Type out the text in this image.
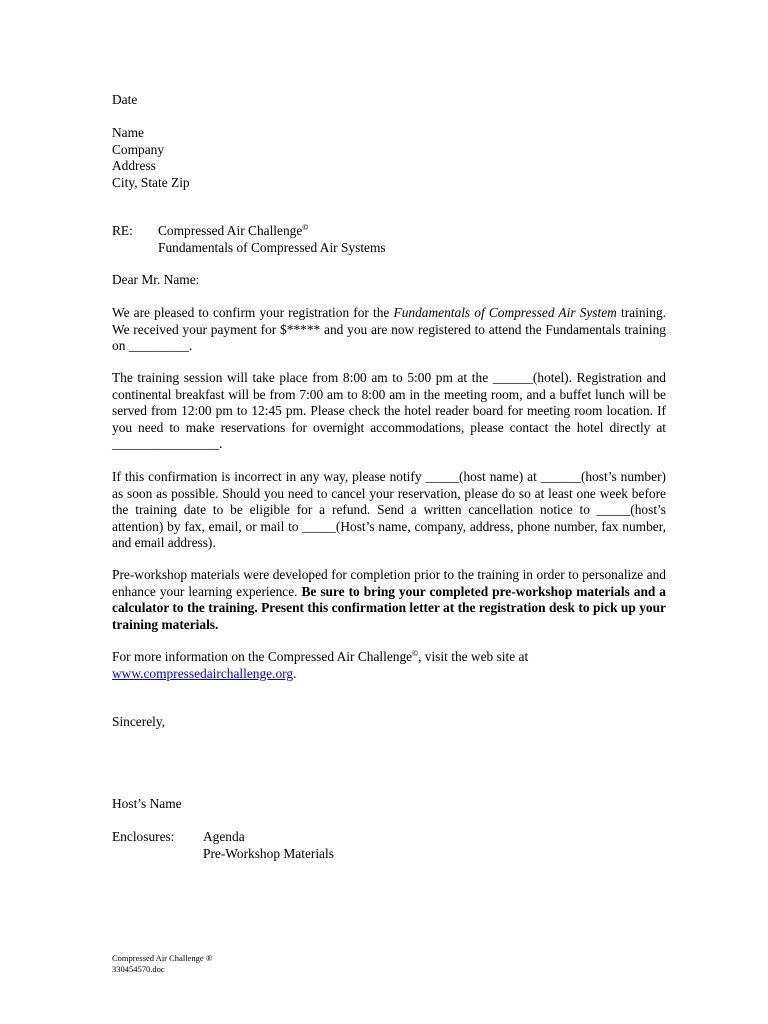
Date
Name
Company
Address
City, State Zip
RE: Compressed Air Challenge©
Fundamentals of Compressed Air Systems
Dear Mr. Name:
We are pleased to confirm your registration for the Fundamentals of Compressed Air System training. We received your payment for $***** and you are now registered to attend the Fundamentals training on _________.
The training session will take place from 8:00 am to 5:00 pm at the ______(hotel). Registration and continental breakfast will be from 7:00 am to 8:00 am in the meeting room, and a buffet lunch will be served from 12:00 pm to 12:45 pm. Please check the hotel reader board for meeting room location. If you need to make reservations for overnight accommodations, please contact the hotel directly at ________________.
If this confirmation is incorrect in any way, please notify _____(host name) at ______(host’s number) as soon as possible. Should you need to cancel your reservation, please do so at least one week before the training date to be eligible for a refund. Send a written cancellation notice to _____(host’s attention) by fax, email, or mail to _____(Host’s name, company, address, phone number, fax number, and email address).
Pre-workshop materials were developed for completion prior to the training in order to personalize and enhance your learning experience. Be sure to bring your completed pre-workshop materials and a calculator to the training. Present this confirmation letter at the registration desk to pick up your training materials.
For more information on the Compressed Air Challenge©, visit the web site at
www.compressedairchallenge.org.
Sincerely,
Host’s Name
Enclosures: Agenda
Pre-Workshop Materials
Compressed Air Challenge ®
330454570.doc
